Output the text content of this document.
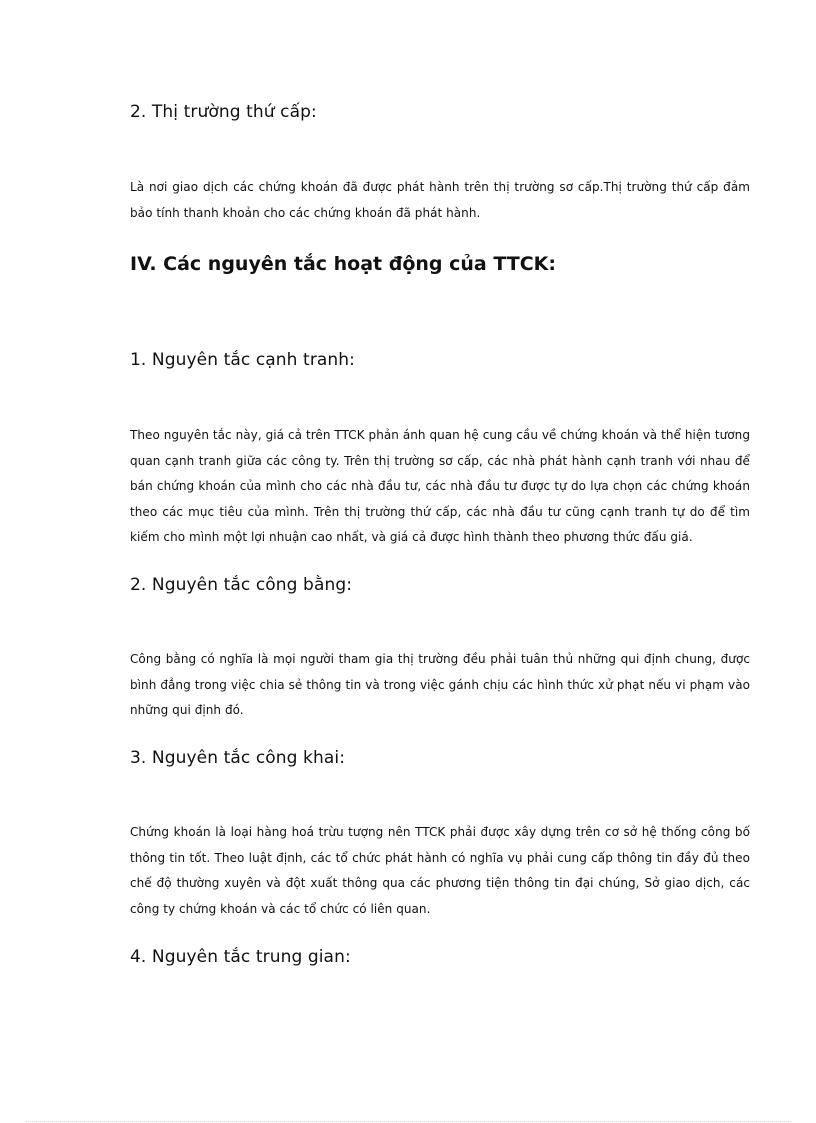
2. Thị trường thứ cấp:

Là nơi giao dịch các chứng khoán đã được phát hành trên thị trường sơ cấp.Thị trường thứ cấp đảm bảo tính thanh khoản cho các chứng khoán đã phát hành.

IV. Các nguyên tắc hoạt động của TTCK:
1. Nguyên tắc cạnh tranh:

Theo nguyên tắc này, giá cả trên TTCK phản ánh quan hệ cung cầu về chứng khoán và thể hiện tương quan cạnh tranh giữa các công ty. Trên thị trường sơ cấp, các nhà phát hành cạnh tranh với nhau để bán chứng khoán của mình cho các nhà đầu tư, các nhà đầu tư được tự do lựa chọn các chứng khoán theo các mục tiêu của mình. Trên thị trường thứ cấp, các nhà đầu tư cũng cạnh tranh tự do để tìm kiếm cho mình một lợi nhuận cao nhất, và giá cả được hình thành theo phương thức đấu giá.

2. Nguyên tắc công bằng:

Công bằng có nghĩa là mọi người tham gia thị trường đều phải tuân thủ những qui định chung, được bình đẳng trong việc chia sẻ thông tin và trong việc gánh chịu các hình thức xử phạt nếu vi phạm vào những qui định đó.

3. Nguyên tắc công khai:

Chứng khoán là loại hàng hoá trừu tượng nên TTCK phải được xây dựng trên cơ sở hệ thống công bố thông tin tốt. Theo luật định, các tổ chức phát hành có nghĩa vụ phải cung cấp thông tin đầy đủ theo chế độ thường xuyên và đột xuất thông qua các phương tiện thông tin đại chúng, Sở giao dịch, các công ty chứng khoán và các tổ chức có liên quan.

4. Nguyên tắc trung gian:
